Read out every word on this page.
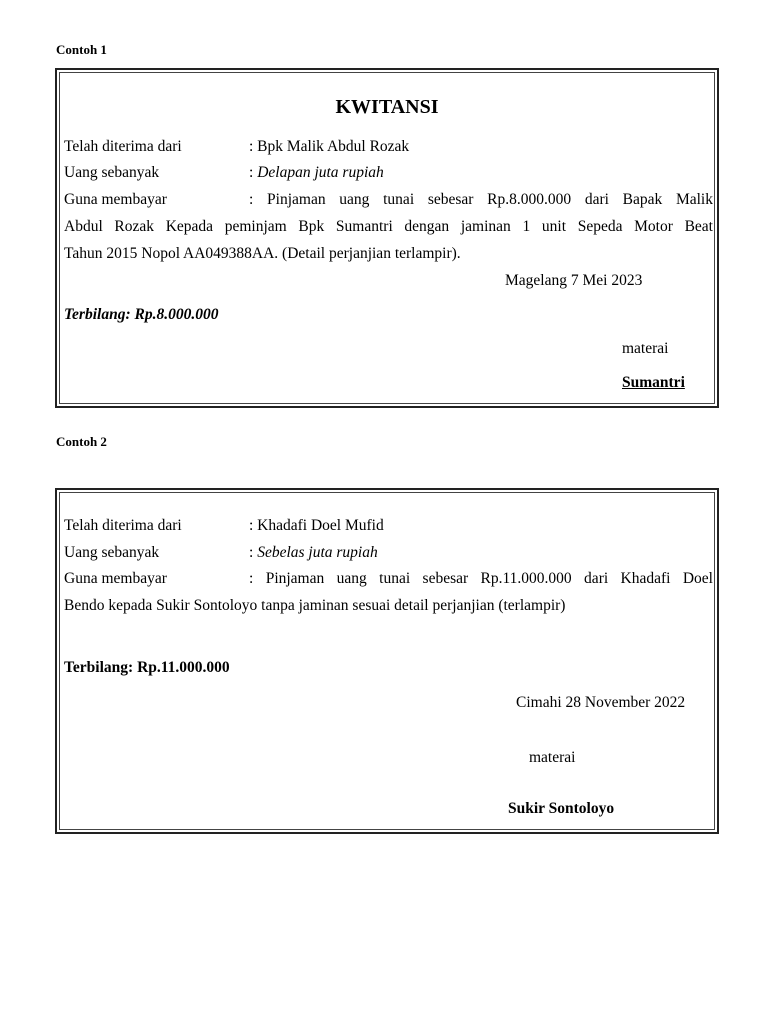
Contoh 1
KWITANSI
Telah diterima dari	: Bpk Malik Abdul Rozak
Uang sebanyak	: Delapan juta rupiah
Guna membayar	: Pinjaman uang tunai sebesar Rp.8.000.000 dari Bapak Malik
Abdul Rozak Kepada peminjam Bpk Sumantri dengan jaminan 1 unit Sepeda Motor Beat
Tahun 2015 Nopol AA049388AA. (Detail perjanjian terlampir).
Magelang 7 Mei 2023
Terbilang: Rp.8.000.000
materai
Sumantri
Contoh 2
Telah diterima dari	: Khadafi Doel Mufid
Uang sebanyak	: Sebelas juta rupiah
Guna membayar	: Pinjaman uang tunai sebesar Rp.11.000.000 dari Khadafi Doel
Bendo kepada Sukir Sontoloyo tanpa jaminan sesuai detail perjanjian (terlampir)
Terbilang: Rp.11.000.000
Cimahi 28 November 2022
materai
Sukir Sontoloyo
